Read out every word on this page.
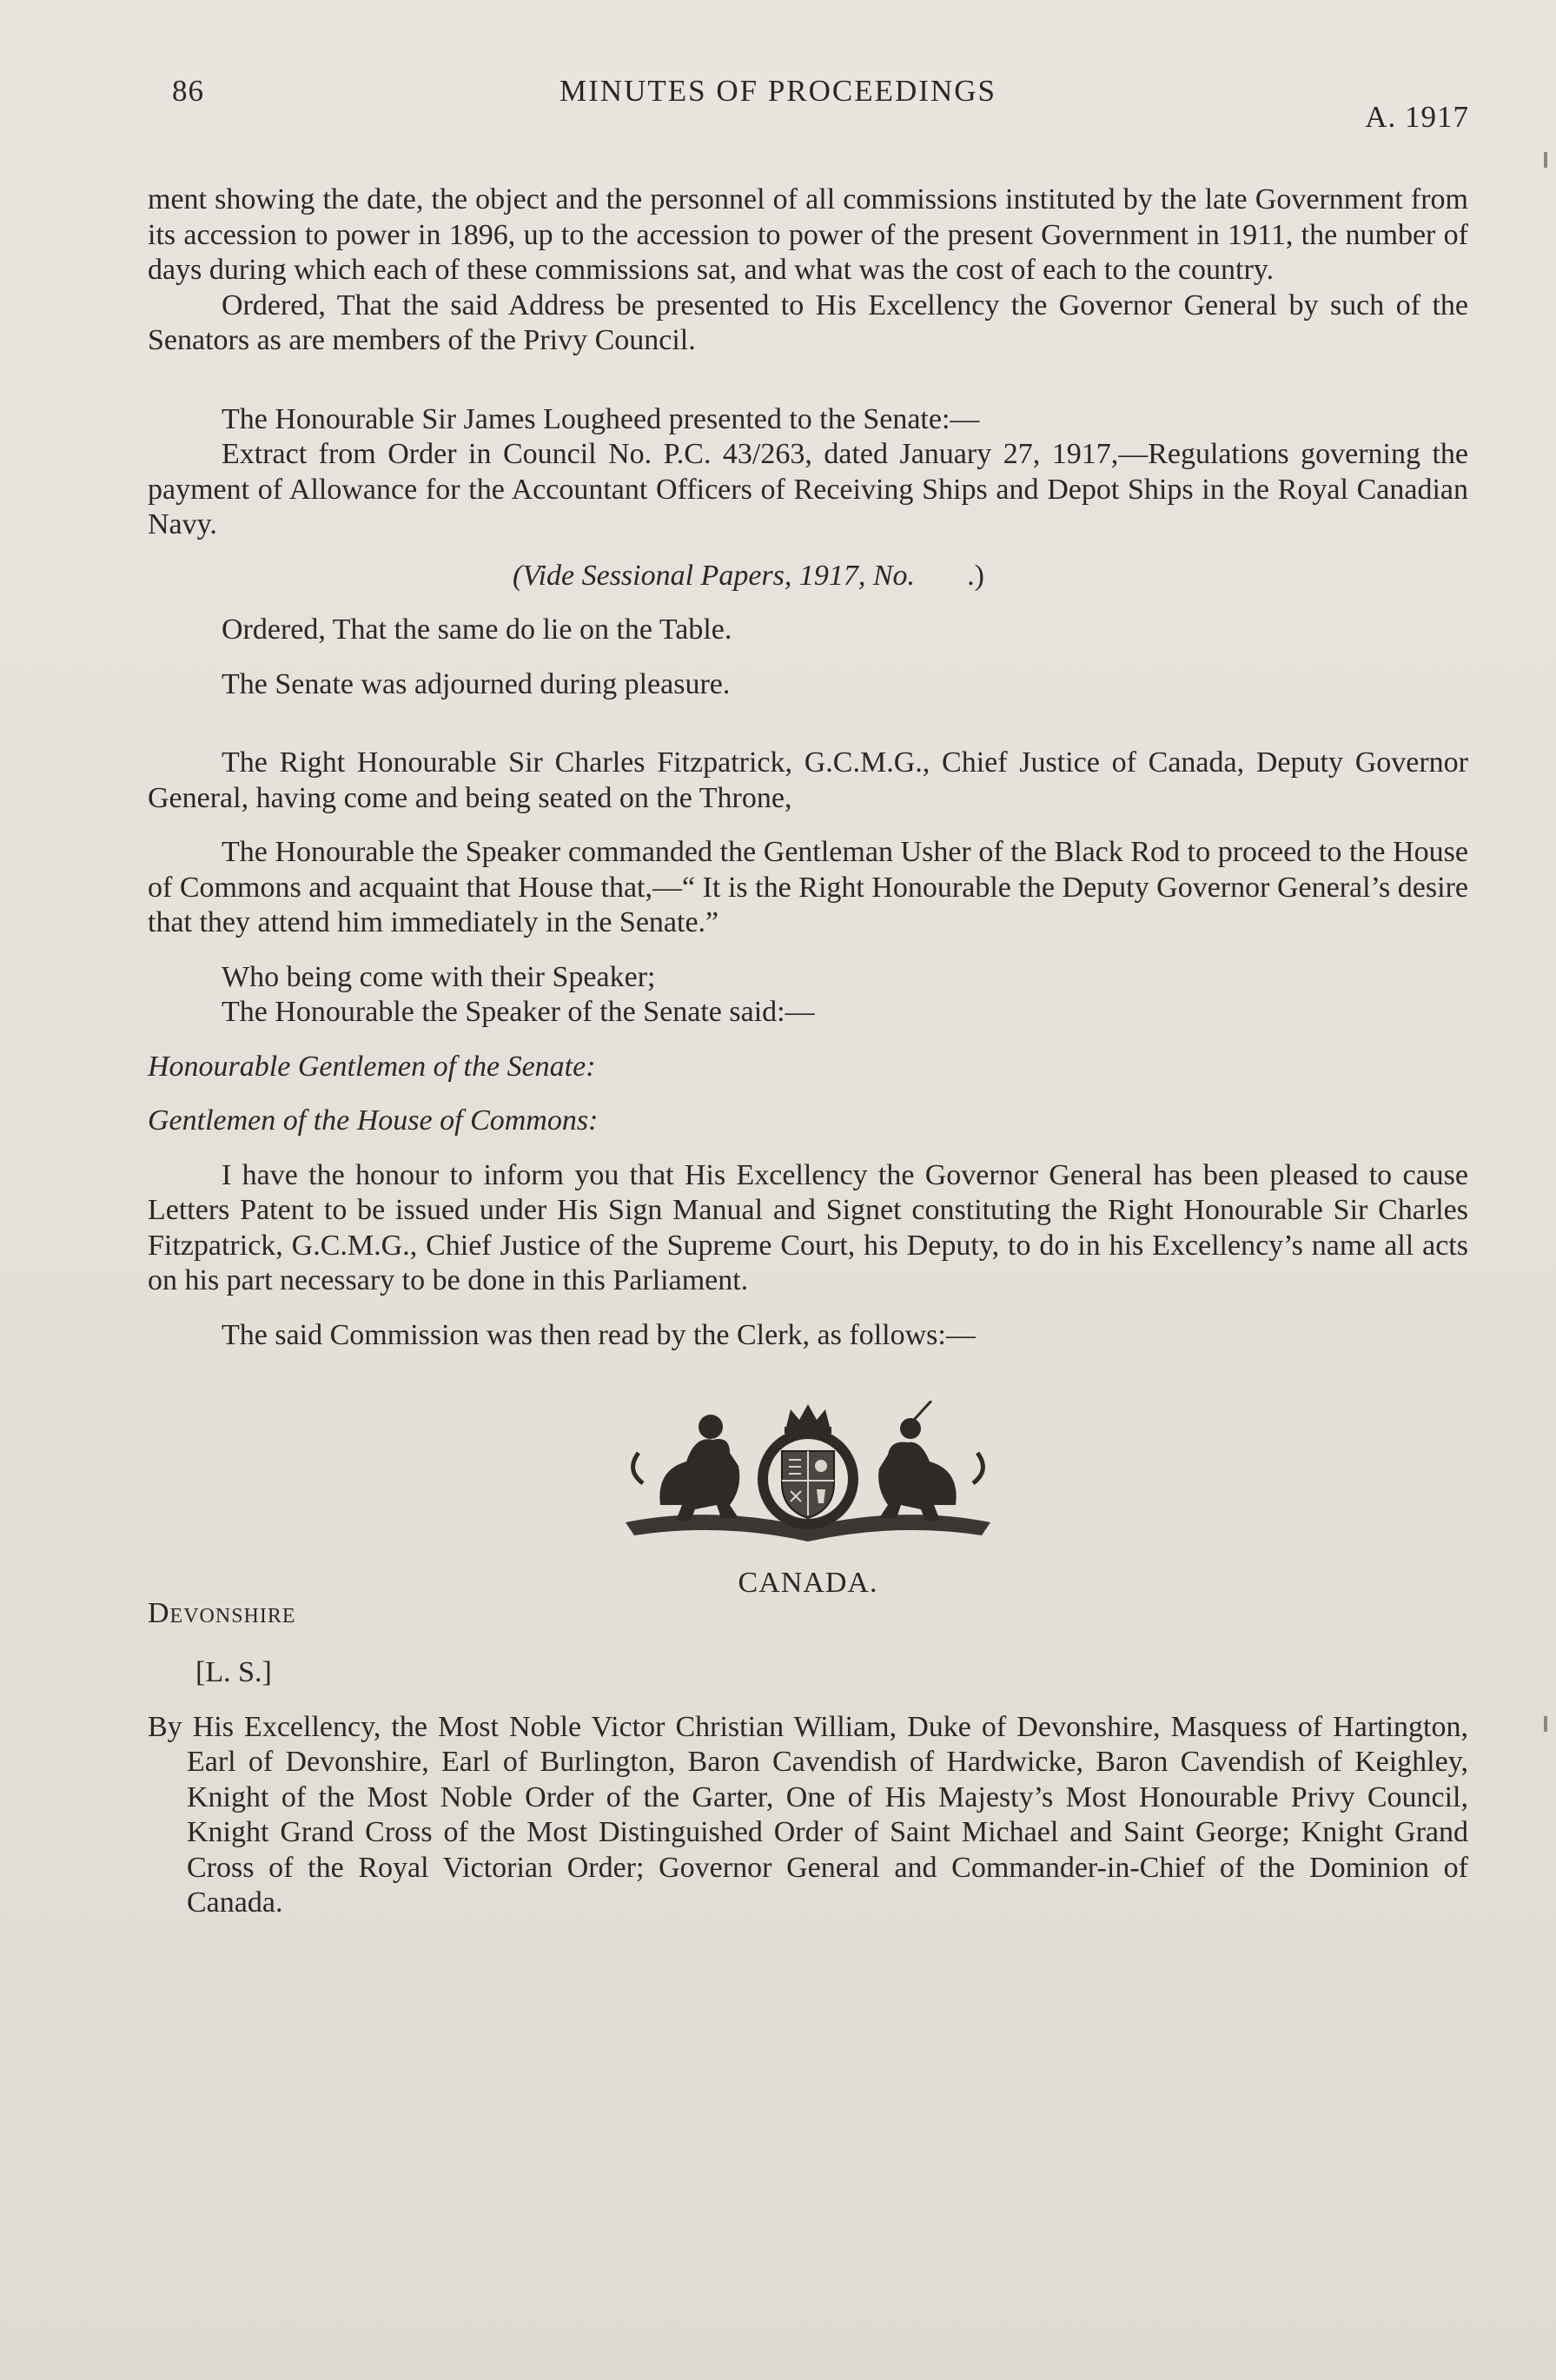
86	MINUTES OF PROCEEDINGS
A. 1917

ment showing the date, the object and the personnel of all commissions instituted by the late Government from its accession to power in 1896, up to the accession to power of the present Government in 1911, the number of days during which each of these commissions sat, and what was the cost of each to the country.

Ordered, That the said Address be presented to His Excellency the Governor General by such of the Senators as are members of the Privy Council.

The Honourable Sir James Lougheed presented to the Senate:—

Extract from Order in Council No. P.C. 43/263, dated January 27, 1917,—Regulations governing the payment of Allowance for the Accountant Officers of Receiving Ships and Depot Ships in the Royal Canadian Navy.

(Vide Sessional Papers, 1917, No. .)

Ordered, That the same do lie on the Table.

The Senate was adjourned during pleasure.

The Right Honourable Sir Charles Fitzpatrick, G.C.M.G., Chief Justice of Canada, Deputy Governor General, having come and being seated on the Throne,

The Honourable the Speaker commanded the Gentleman Usher of the Black Rod to proceed to the House of Commons and acquaint that House that,—“ It is the Right Honourable the Deputy Governor General’s desire that they attend him immediately in the Senate.”

Who being come with their Speaker;

The Honourable the Speaker of the Senate said:—

Honourable Gentlemen of the Senate:

Gentlemen of the House of Commons:

I have the honour to inform you that His Excellency the Governor General has been pleased to cause Letters Patent to be issued under His Sign Manual and Signet constituting the Right Honourable Sir Charles Fitzpatrick, G.C.M.G., Chief Justice of the Supreme Court, his Deputy, to do in his Excellency’s name all acts on his part necessary to be done in this Parliament.

The said Commission was then read by the Clerk, as follows:—

CANADA.

Devonshire

[L. S.]

By His Excellency, the Most Noble Victor Christian William, Duke of Devonshire, Masquess of Hartington, Earl of Devonshire, Earl of Burlington, Baron Cavendish of Hardwicke, Baron Cavendish of Keighley, Knight of the Most Noble Order of the Garter, One of His Majesty’s Most Honourable Privy Council, Knight Grand Cross of the Most Distinguished Order of Saint Michael and Saint George; Knight Grand Cross of the Royal Victorian Order; Governor General and Commander-in-Chief of the Dominion of Canada.
